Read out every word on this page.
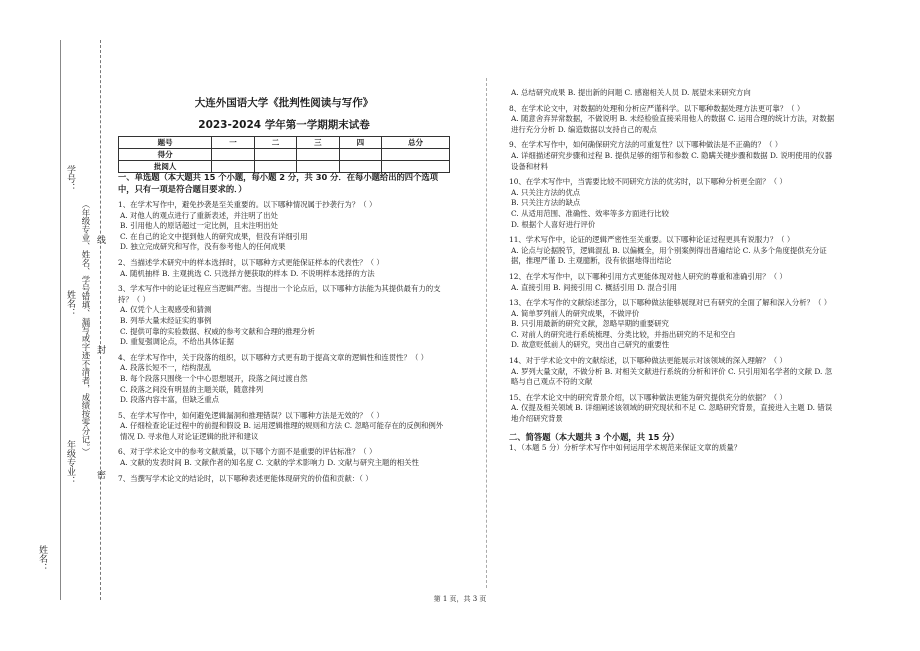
学号：
姓名：
年级专业：
姓名：
（年级专业、姓名、学号错填、漏写或字迹不清者，成绩按零分记。） 线
封
密
大连外国语大学《批判性阅读与写作》
2023-2024 学年第一学期期末试卷
题号	一	二	三	四	总分
得分					
批阅人					
一、单选题（本大题共 15 个小题，每小题 2 分，共 30 分．在每小题给出的四个选项中，只有一项是符合题目要求的．）
1、在学术写作中，避免抄袭是至关重要的。以下哪种情况属于抄袭行为？（ ）
A. 对他人的观点进行了重新表述，并注明了出处
B. 引用他人的原话超过一定比例，且未注明出处
C. 在自己的论文中提到他人的研究成果，但没有详细引用
D. 独立完成研究和写作，没有参考他人的任何成果
2、当描述学术研究中的样本选择时，以下哪种方式更能保证样本的代表性？（ ）
A. 随机抽样 B. 主观挑选 C. 只选择方便获取的样本 D. 不说明样本选择的方法
3、学术写作中的论证过程应当逻辑严密。当提出一个论点后，以下哪种方法能为其提供最有力的支持？（ ）
A. 仅凭个人主观感受和猜测
B. 列举大量未经证实的事例
C. 提供可靠的实验数据、权威的参考文献和合理的推理分析
D. 重复强调论点，不给出具体证据
4、在学术写作中，关于段落的组织，以下哪种方式更有助于提高文章的逻辑性和连贯性？（ ）
A. 段落长短不一，结构混乱
B. 每个段落只围绕一个中心思想展开，段落之间过渡自然
C. 段落之间没有明显的主题关联，随意排列
D. 段落内容丰富，但缺乏重点
5、在学术写作中，如何避免逻辑漏洞和推理错误？以下哪种方法是无效的？（ ）
A. 仔细检查论证过程中的前提和假设 B. 运用逻辑推理的规则和方法 C. 忽略可能存在的反例和例外情况 D. 寻求他人对论证逻辑的批评和建议
6、对于学术论文中的参考文献质量，以下哪个方面不是重要的评估标准？（ ）
A. 文献的发表时间 B. 文献作者的知名度 C. 文献的学术影响力 D. 文献与研究主题的相关性
7、当撰写学术论文的结论时，以下哪种表述更能体现研究的价值和贡献：（ ）
A. 总结研究成果 B. 提出新的问题 C. 感谢相关人员 D. 展望未来研究方向
8、在学术论文中，对数据的处理和分析应严谨科学。以下哪种数据处理方法更可靠？（ ）
A. 随意舍弃异常数据，不做说明 B. 未经检验直接采用他人的数据 C. 运用合理的统计方法，对数据进行充分分析 D. 编造数据以支持自己的观点
9、在学术写作中，如何确保研究方法的可重复性？以下哪种做法是不正确的？（ ）
A. 详细描述研究步骤和过程 B. 提供足够的细节和参数 C. 隐瞒关键步骤和数据 D. 说明使用的仪器设备和材料
10、在学术写作中，当需要比较不同研究方法的优劣时，以下哪种分析更全面？（ ）
A. 只关注方法的优点
B. 只关注方法的缺点
C. 从适用范围、准确性、效率等多方面进行比较
D. 根据个人喜好进行评价
11、学术写作中，论证的逻辑严密性至关重要。以下哪种论证过程更具有说服力？（ ）
A. 论点与论据脱节，逻辑混乱 B. 以偏概全，用个别案例得出普遍结论 C. 从多个角度提供充分证据，推理严谨 D. 主观臆断，没有依据地得出结论
12、在学术写作中，以下哪种引用方式更能体现对他人研究的尊重和准确引用？（ ）
A. 直接引用 B. 间接引用 C. 概括引用 D. 混合引用
13、在学术写作的文献综述部分，以下哪种做法能够展现对已有研究的全面了解和深入分析？（ ）
A. 简单罗列前人的研究成果，不做评价
B. 只引用最新的研究文献，忽略早期的重要研究
C. 对前人的研究进行系统梳理、分类比较，并指出研究的不足和空白
D. 故意贬低前人的研究，突出自己研究的重要性
14、对于学术论文中的文献综述，以下哪种做法更能展示对该领域的深入理解？（ ）
A. 罗列大量文献，不做分析 B. 对相关文献进行系统的分析和评价 C. 只引用知名学者的文献 D. 忽略与自己观点不符的文献
15、在学术论文中的研究背景介绍，以下哪种做法更能为研究提供充分的依据？（ ）
A. 仅提及相关领域 B. 详细阐述该领域的研究现状和不足 C. 忽略研究背景，直接进入主题 D. 错误地介绍研究背景
二、简答题（本大题共 3 个小题，共 15 分）
1、（本题 5 分）分析学术写作中如何运用学术规范来保证文章的质量？
第 1 页，共 3 页
